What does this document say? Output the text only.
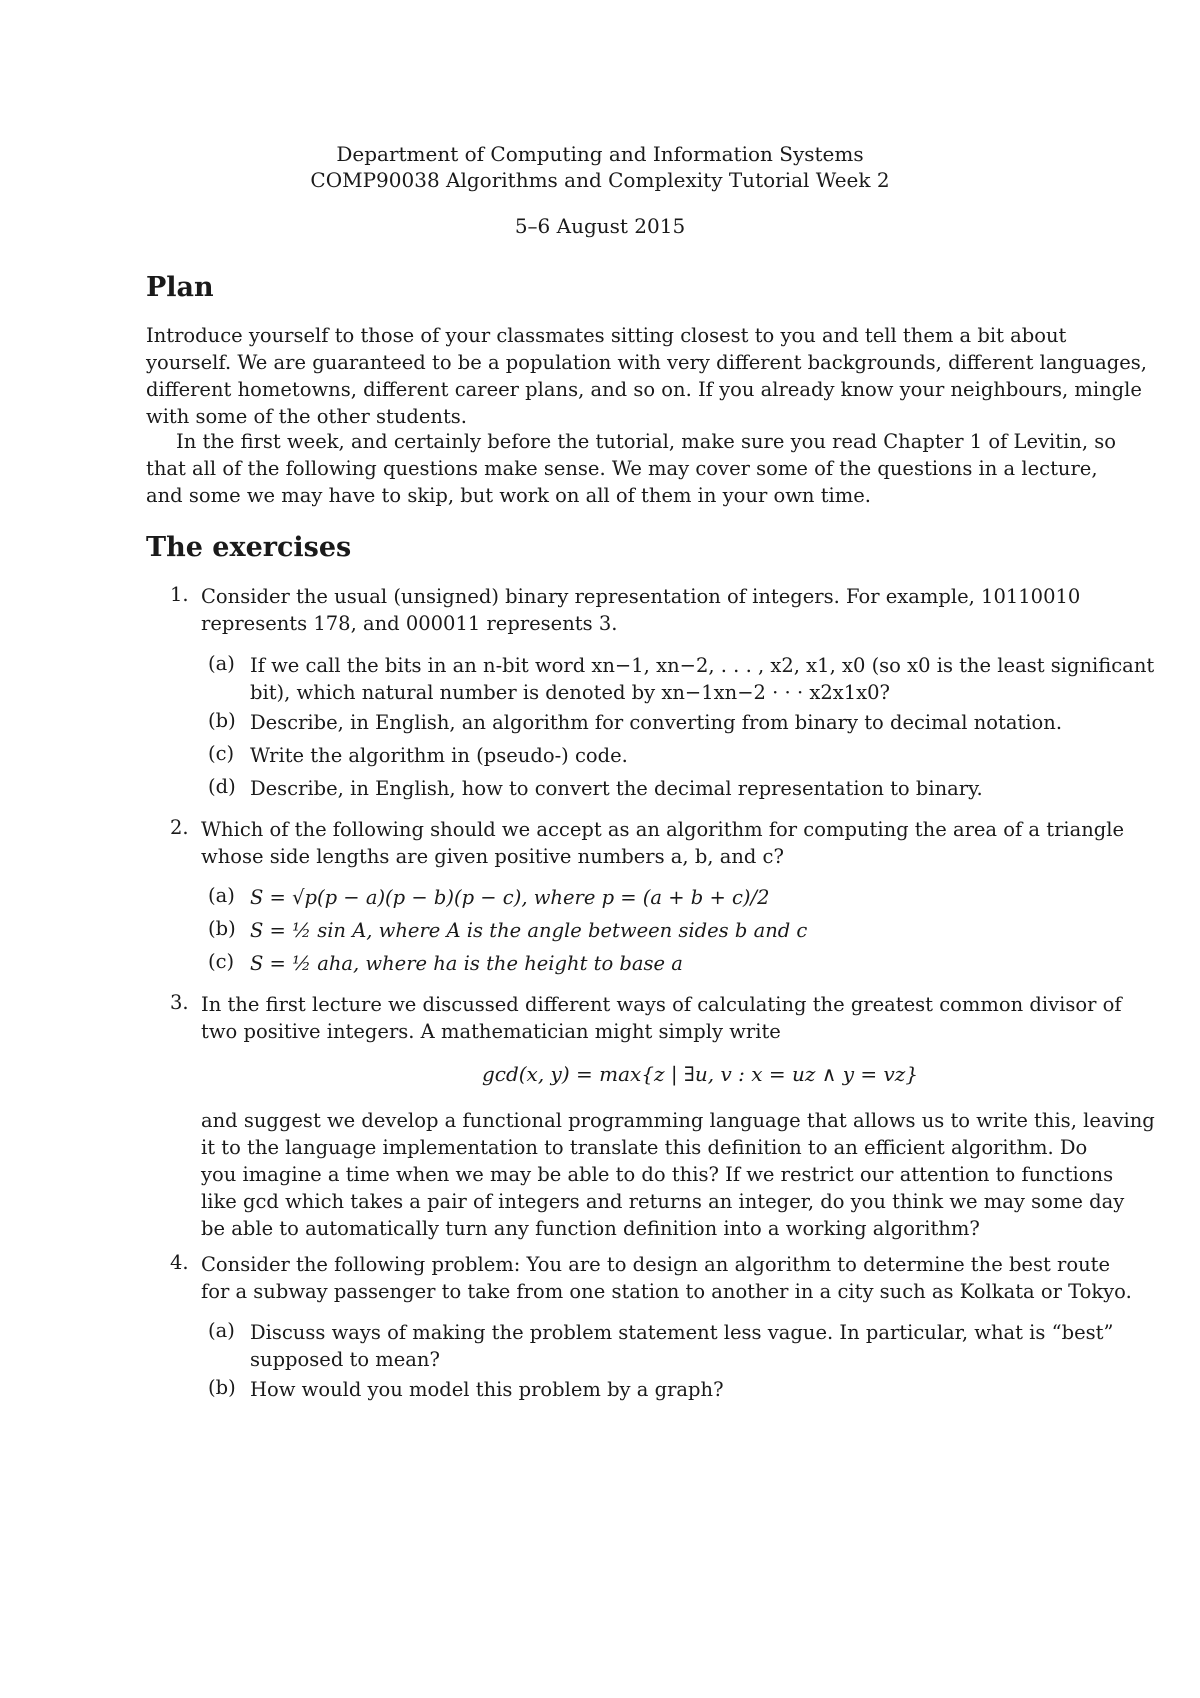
Department of Computing and Information Systems
COMP90038 Algorithms and Complexity Tutorial Week 2
5–6 August 2015
Plan
Introduce yourself to those of your classmates sitting closest to you and tell them a bit about
yourself. We are guaranteed to be a population with very different backgrounds, different languages,
different hometowns, different career plans, and so on. If you already know your neighbours, mingle
with some of the other students.
In the first week, and certainly before the tutorial, make sure you read Chapter 1 of Levitin, so
that all of the following questions make sense. We may cover some of the questions in a lecture,
and some we may have to skip, but work on all of them in your own time.
The exercises
1. Consider the usual (unsigned) binary representation of integers. For example, 10110010
represents 178, and 000011 represents 3.
(a) If we call the bits in an n-bit word xn−1, xn−2, . . . , x2, x1, x0 (so x0 is the least significant
bit), which natural number is denoted by xn−1xn−2 · · · x2x1x0?
(b) Describe, in English, an algorithm for converting from binary to decimal notation.
(c) Write the algorithm in (pseudo-) code.
(d) Describe, in English, how to convert the decimal representation to binary.
2. Which of the following should we accept as an algorithm for computing the area of a triangle
whose side lengths are given positive numbers a, b, and c?
(a) S = √p(p − a)(p − b)(p − c), where p = (a + b + c)/2
(b) S = ½ sin A, where A is the angle between sides b and c
(c) S = ½ aha, where ha is the height to base a
3. In the first lecture we discussed different ways of calculating the greatest common divisor of
two positive integers. A mathematician might simply write
gcd(x, y) = max{z | ∃u, v : x = uz ∧ y = vz}
and suggest we develop a functional programming language that allows us to write this, leaving
it to the language implementation to translate this definition to an efficient algorithm. Do
you imagine a time when we may be able to do this? If we restrict our attention to functions
like gcd which takes a pair of integers and returns an integer, do you think we may some day
be able to automatically turn any function definition into a working algorithm?
4. Consider the following problem: You are to design an algorithm to determine the best route
for a subway passenger to take from one station to another in a city such as Kolkata or Tokyo.
(a) Discuss ways of making the problem statement less vague. In particular, what is “best”
supposed to mean?
(b) How would you model this problem by a graph?
